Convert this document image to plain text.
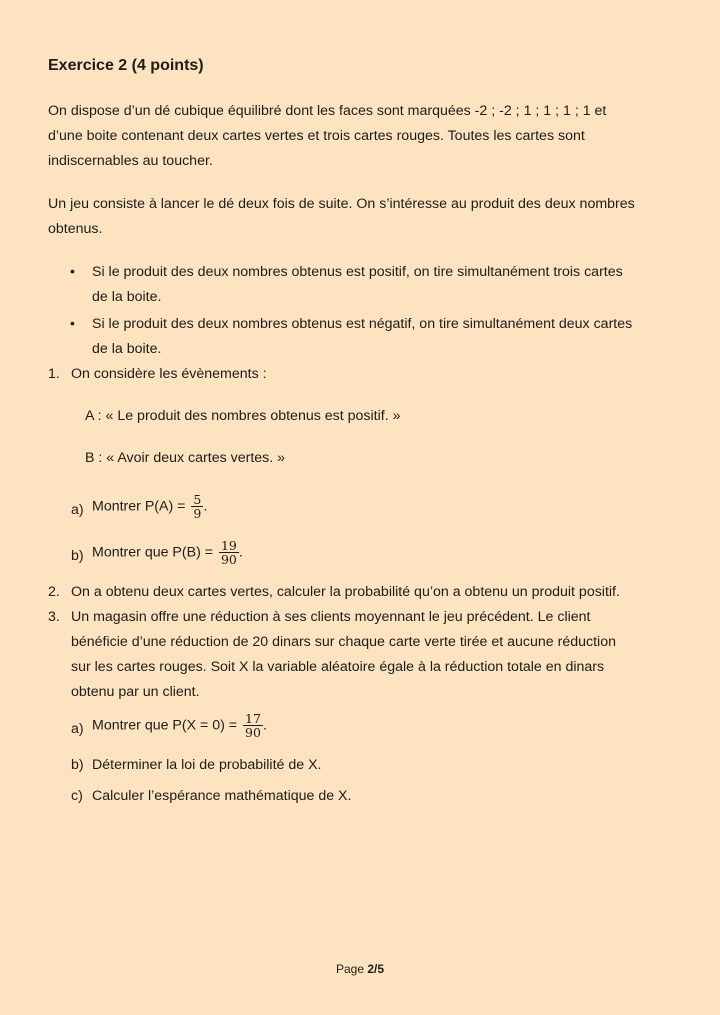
Exercice 2 (4 points)
On dispose d’un dé cubique équilibré dont les faces sont marquées -2 ; -2 ; 1 ; 1 ; 1 ; 1 et
d’une boite contenant deux cartes vertes et trois cartes rouges. Toutes les cartes sont
indiscernables au toucher.
Un jeu consiste à lancer le dé deux fois de suite. On s’intéresse au produit des deux nombres
obtenus.
• Si le produit des deux nombres obtenus est positif, on tire simultanément trois cartes
de la boite.
• Si le produit des deux nombres obtenus est négatif, on tire simultanément deux cartes
de la boite.
1. On considère les évènements :
A : « Le produit des nombres obtenus est positif. »
B : « Avoir deux cartes vertes. »
a) Montrer $P(A) = \frac{5}{9}$ .
b) Montrer que $P(B) = \frac{19}{90}$ .
2. On a obtenu deux cartes vertes, calculer la probabilité qu’on a obtenu un produit positif.
3. Un magasin offre une réduction à ses clients moyennant le jeu précédent. Le client
bénéficie d’une réduction de 20 dinars sur chaque carte verte tirée et aucune réduction
sur les cartes rouges. Soit X la variable aléatoire égale à la réduction totale en dinars
obtenu par un client.
a) Montrer que $P(X = 0) = \frac{17}{90}$ .
b) Déterminer la loi de probabilité de X.
c) Calculer l’espérance mathématique de X.
Page 2/5
